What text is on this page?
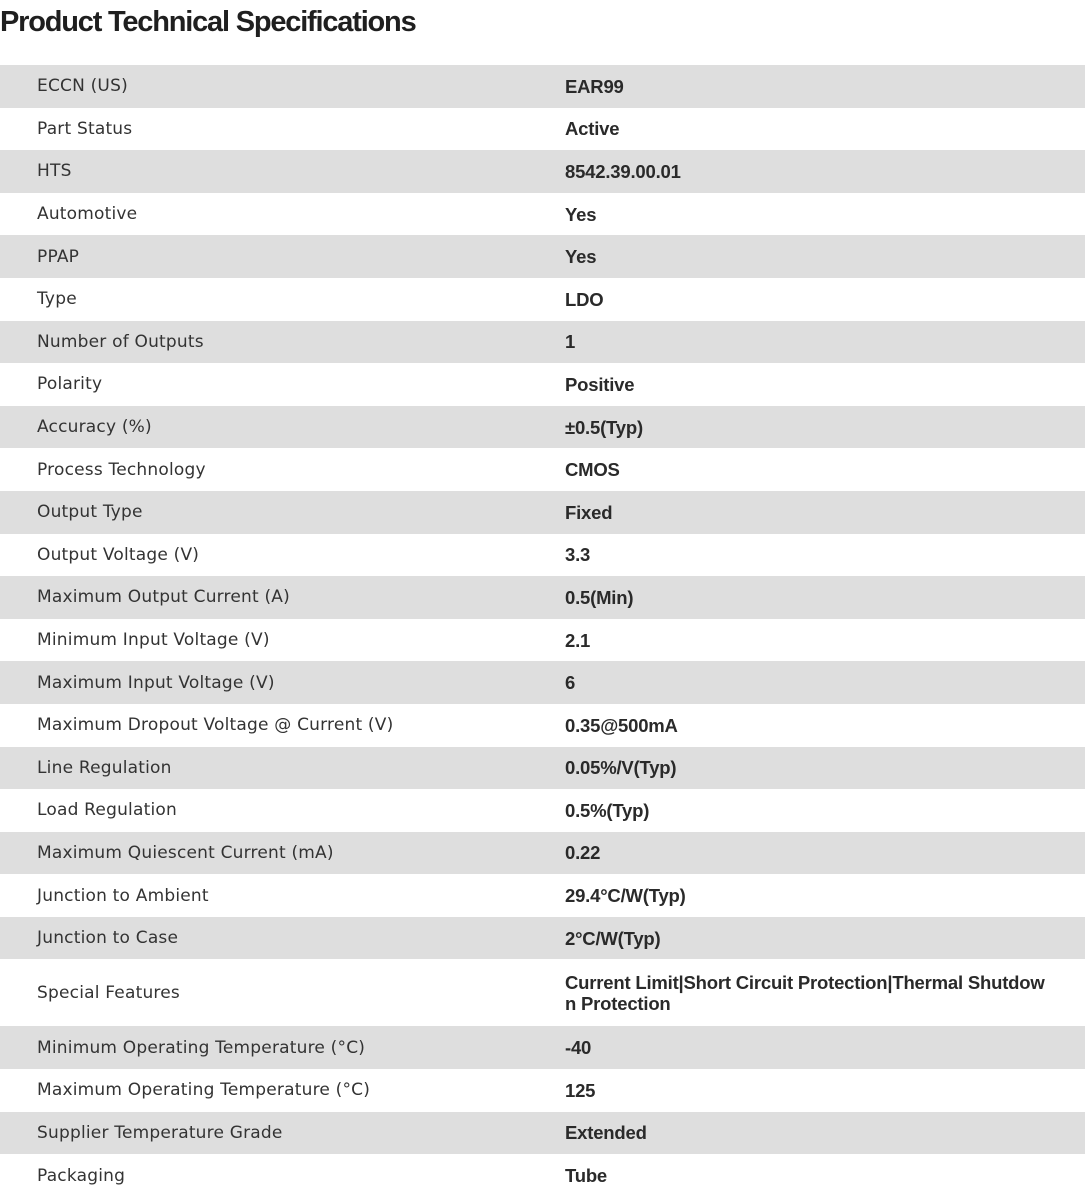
Product Technical Specifications
ECCN (US)	EAR99
Part Status	Active
HTS	8542.39.00.01
Automotive	Yes
PPAP	Yes
Type	LDO
Number of Outputs	1
Polarity	Positive
Accuracy (%)	±0.5(Typ)
Process Technology	CMOS
Output Type	Fixed
Output Voltage (V)	3.3
Maximum Output Current (A)	0.5(Min)
Minimum Input Voltage (V)	2.1
Maximum Input Voltage (V)	6
Maximum Dropout Voltage @ Current (V)	0.35@500mA
Line Regulation	0.05%/V(Typ)
Load Regulation	0.5%(Typ)
Maximum Quiescent Current (mA)	0.22
Junction to Ambient	29.4°C/W(Typ)
Junction to Case	2°C/W(Typ)
Special Features	Current Limit|Short Circuit Protection|Thermal Shutdown Protection
Minimum Operating Temperature (°C)	-40
Maximum Operating Temperature (°C)	125
Supplier Temperature Grade	Extended
Packaging	Tube
